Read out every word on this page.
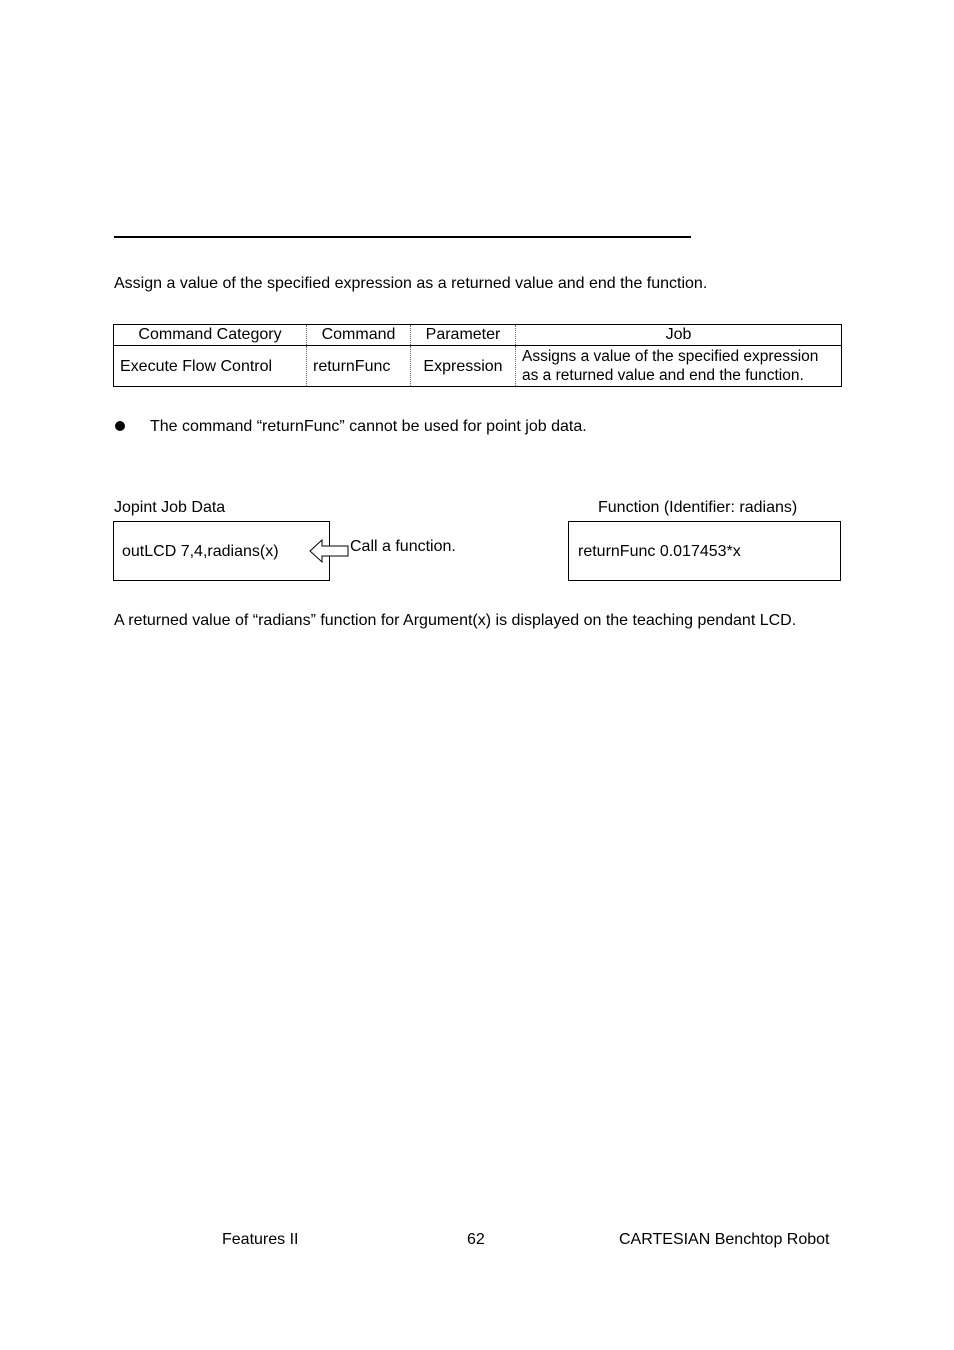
Assign a value of the specified expression as a returned value and end the function.
Command Category	Command	Parameter	Job
Execute Flow Control	returnFunc	Expression	Assigns a value of the specified expression
as a returned value and end the function.
The command “returnFunc” cannot be used for point job data.
Jopint Job Data	Function (Identifier: radians)
outLCD 7,4,radians(x)	Call a function.	returnFunc 0.017453*x
A returned value of “radians” function for Argument(x) is displayed on the teaching pendant LCD.
Features II	62	CARTESIAN Benchtop Robot
